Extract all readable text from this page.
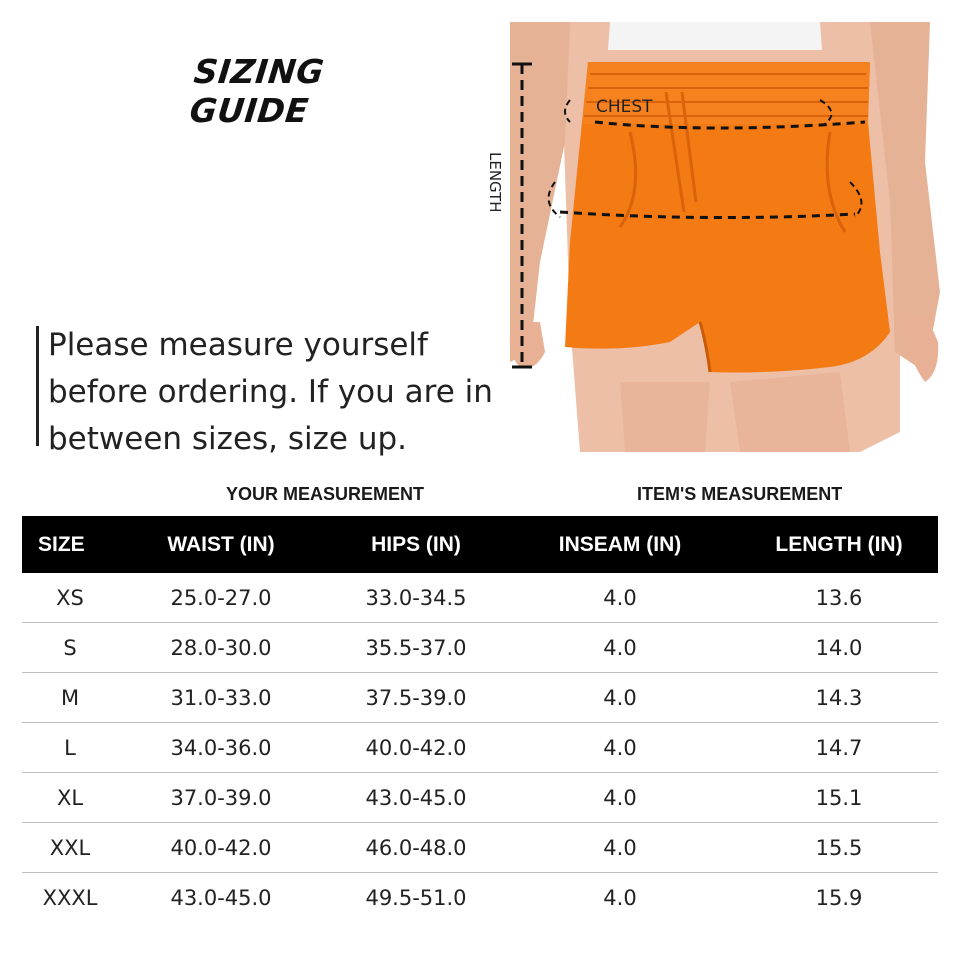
SIZING GUIDE
Please measure yourself before ordering. If you are in between sizes, size up.
CHEST
LENGTH
YOUR MEASUREMENT	ITEM'S MEASUREMENT
SIZE	WAIST (IN)	HIPS (IN)	INSEAM (IN)	LENGTH (IN)
XS	25.0-27.0	33.0-34.5	4.0	13.6
S	28.0-30.0	35.5-37.0	4.0	14.0
M	31.0-33.0	37.5-39.0	4.0	14.3
L	34.0-36.0	40.0-42.0	4.0	14.7
XL	37.0-39.0	43.0-45.0	4.0	15.1
XXL	40.0-42.0	46.0-48.0	4.0	15.5
XXXL	43.0-45.0	49.5-51.0	4.0	15.9
